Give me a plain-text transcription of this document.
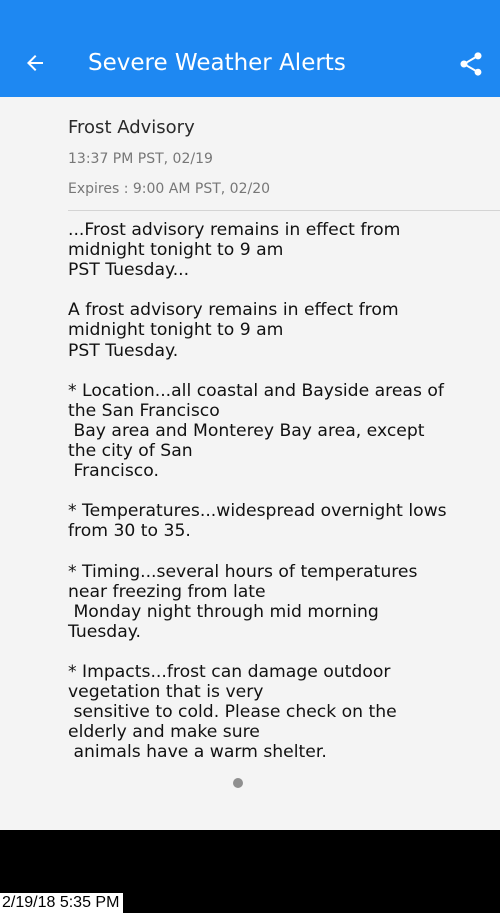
Severe Weather Alerts
Frost Advisory
13:37 PM PST, 02/19
Expires : 9:00 AM PST, 02/20
...Frost advisory remains in effect from
midnight tonight to 9 am
PST Tuesday...

A frost advisory remains in effect from
midnight tonight to 9 am
PST Tuesday.

* Location...all coastal and Bayside areas of
the San Francisco
Bay area and Monterey Bay area, except
the city of San
Francisco.

* Temperatures...widespread overnight lows
from 30 to 35.

* Timing...several hours of temperatures
near freezing from late
Monday night through mid morning
Tuesday.

* Impacts...frost can damage outdoor
vegetation that is very
sensitive to cold. Please check on the
elderly and make sure
animals have a warm shelter.
2/19/18 5:35 PM
